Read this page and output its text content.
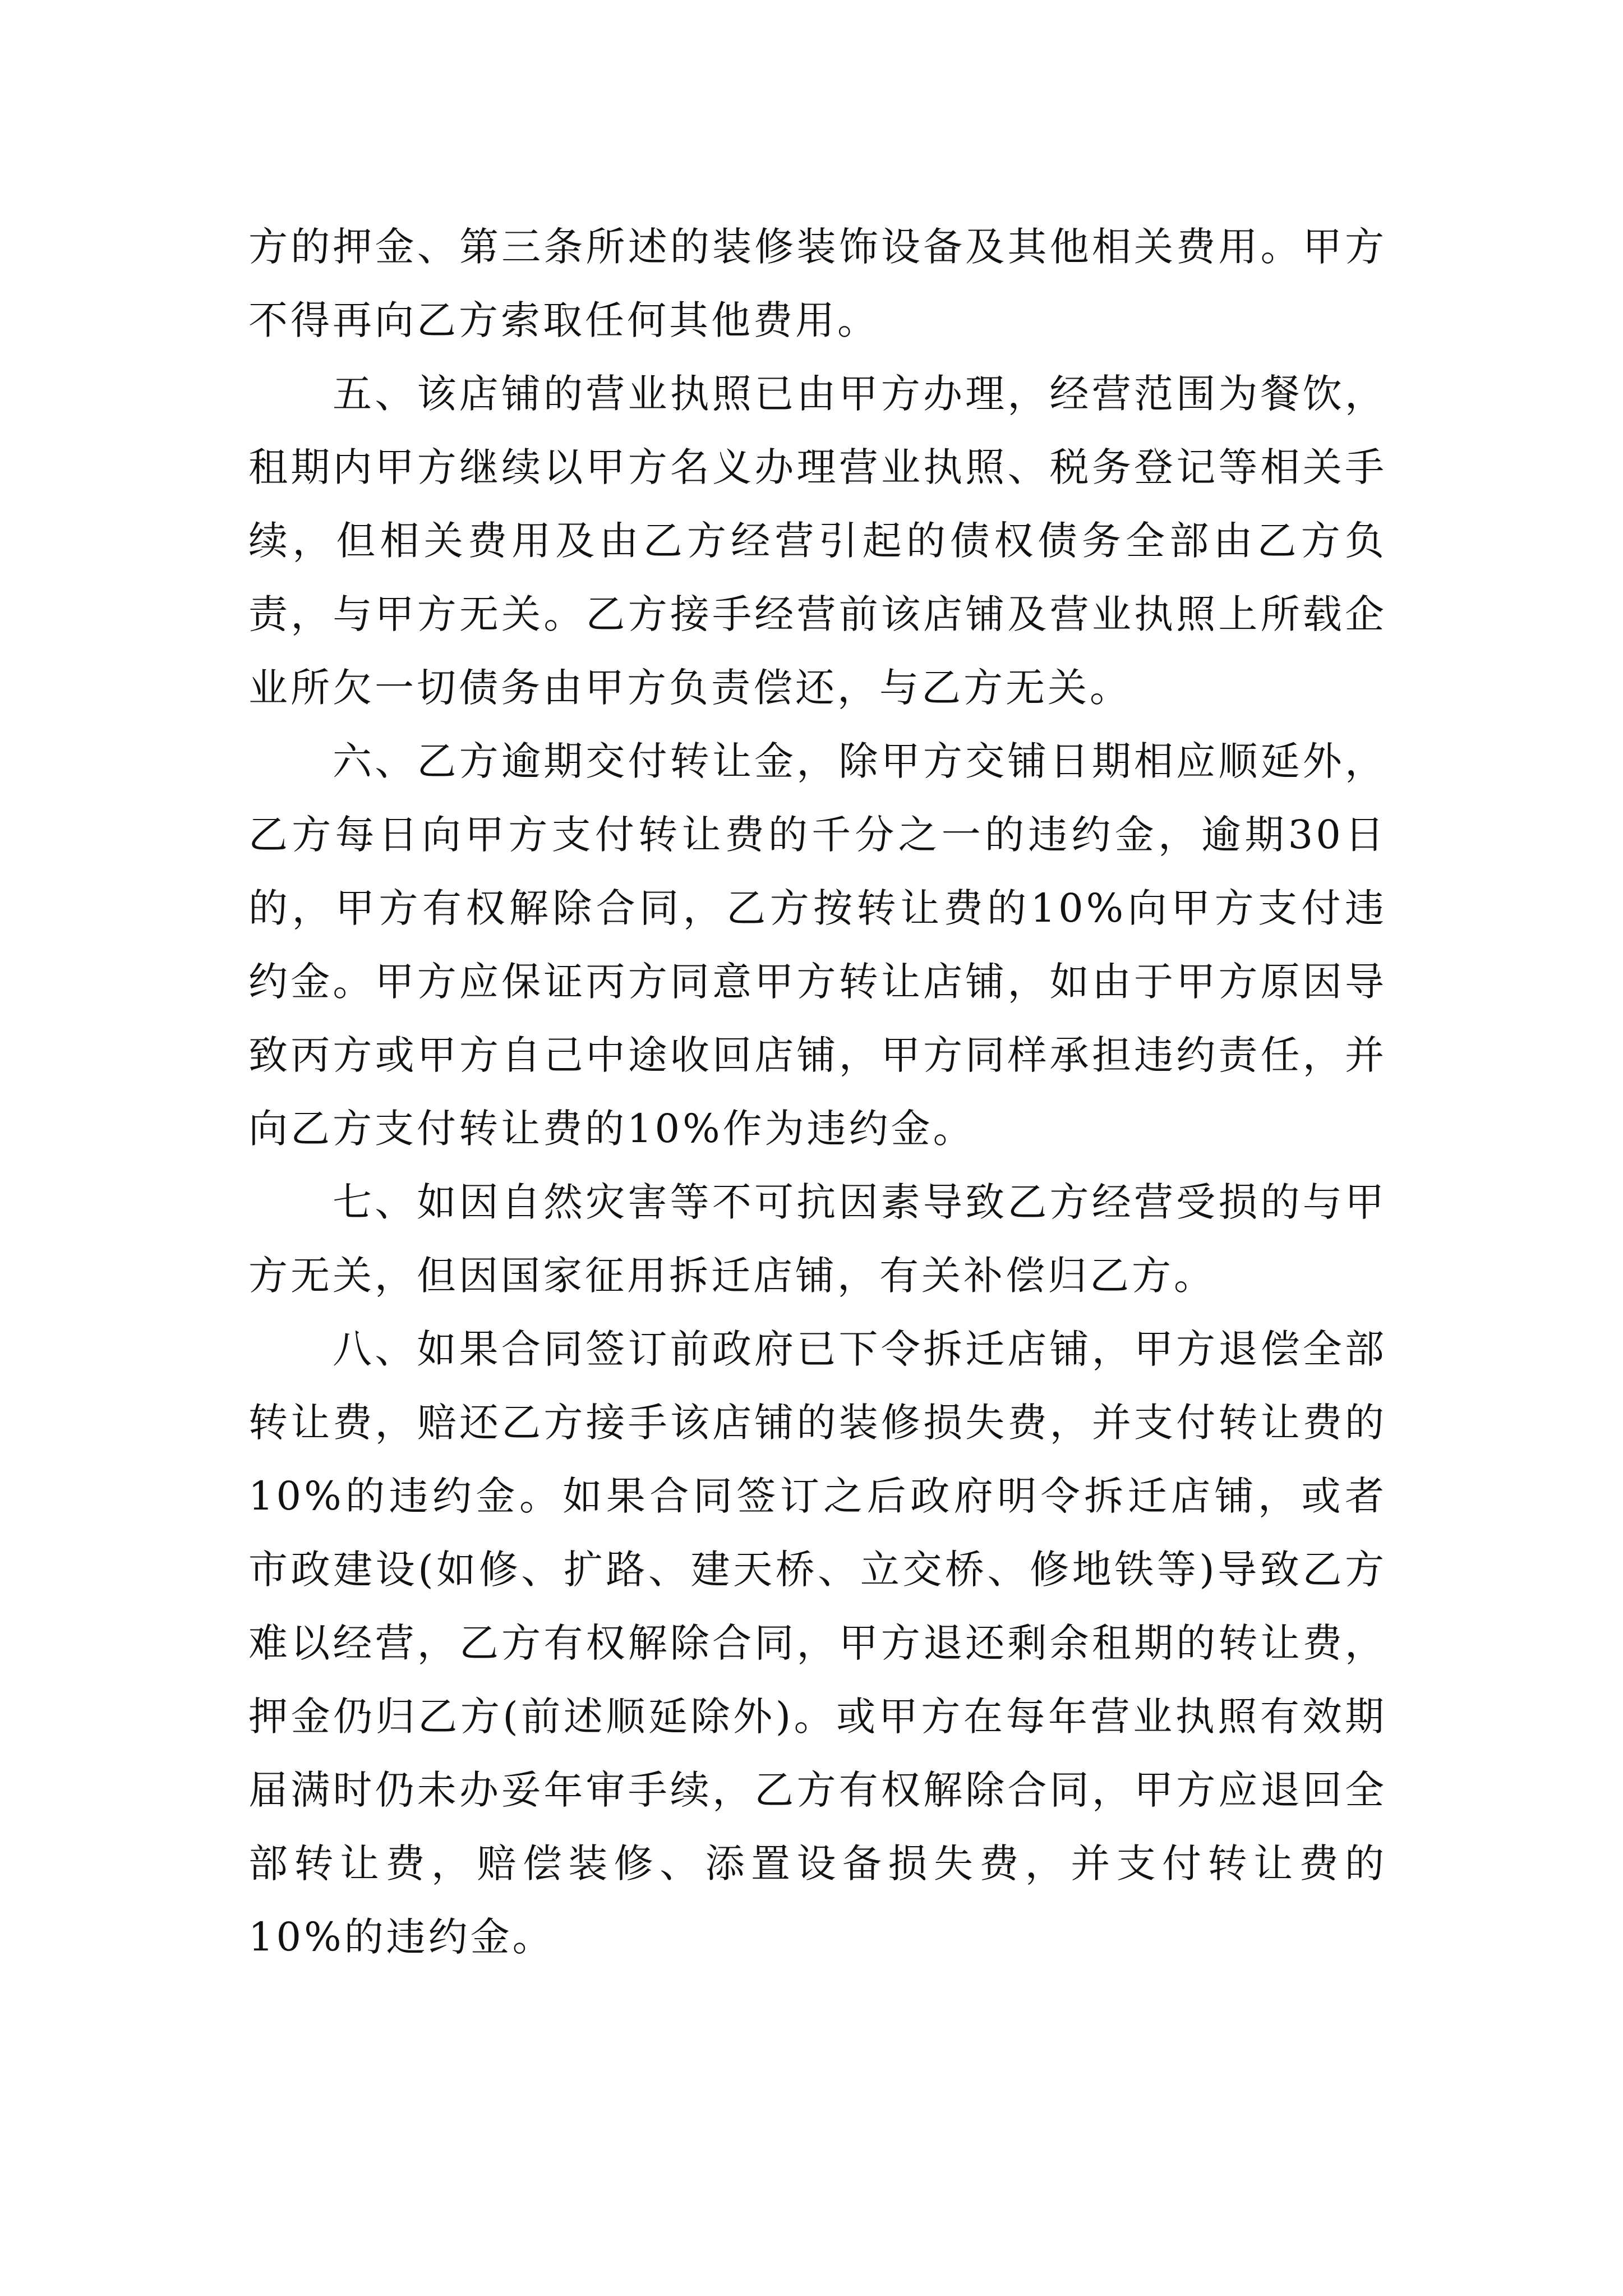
方的押金、第三条所述的装修装饰设备及其他相关费用。甲方不得再向乙方索取任何其他费用。

五、该店铺的营业执照已由甲方办理，经营范围为餐饮，租期内甲方继续以甲方名义办理营业执照、税务登记等相关手续，但相关费用及由乙方经营引起的债权债务全部由乙方负责，与甲方无关。乙方接手经营前该店铺及营业执照上所载企业所欠一切债务由甲方负责偿还，与乙方无关。

六、乙方逾期交付转让金，除甲方交铺日期相应顺延外，乙方每日向甲方支付转让费的千分之一的违约金，逾期30日的，甲方有权解除合同，乙方按转让费的10%向甲方支付违约金。甲方应保证丙方同意甲方转让店铺，如由于甲方原因导致丙方或甲方自己中途收回店铺，甲方同样承担违约责任，并向乙方支付转让费的10%作为违约金。

七、如因自然灾害等不可抗因素导致乙方经营受损的与甲方无关，但因国家征用拆迁店铺，有关补偿归乙方。

八、如果合同签订前政府已下令拆迁店铺，甲方退偿全部转让费，赔还乙方接手该店铺的装修损失费，并支付转让费的10%的违约金。如果合同签订之后政府明令拆迁店铺，或者市政建设(如修、扩路、建天桥、立交桥、修地铁等)导致乙方难以经营，乙方有权解除合同，甲方退还剩余租期的转让费，押金仍归乙方(前述顺延除外)。或甲方在每年营业执照有效期届满时仍未办妥年审手续，乙方有权解除合同，甲方应退回全部转让费，赔偿装修、添置设备损失费，并支付转让费的10%的违约金。
